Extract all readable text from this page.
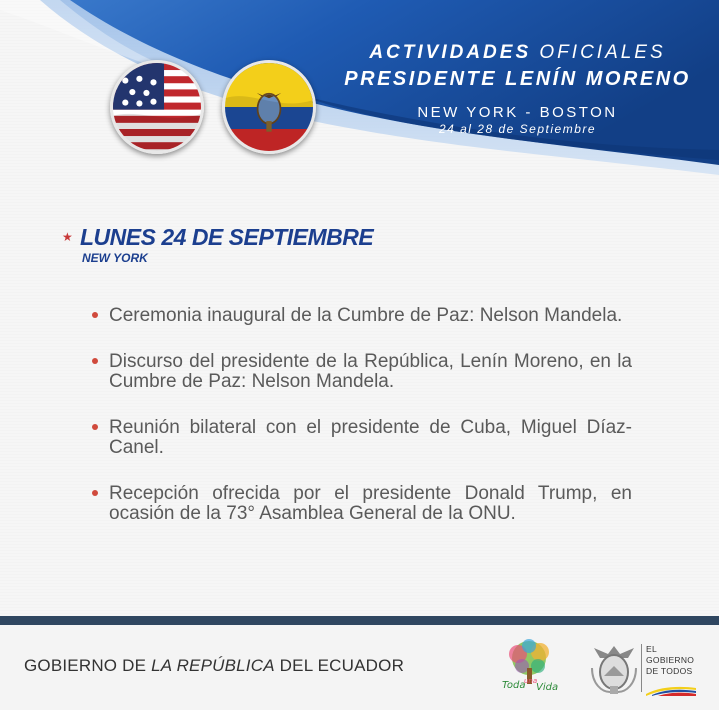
ACTIVIDADES OFICIALES
PRESIDENTE LENÍN MORENO
NEW YORK - BOSTON
24 al 28 de Septiembre
★ LUNES 24 DE SEPTIEMBRE
NEW YORK
Ceremonia inaugural de la Cumbre de Paz: Nelson Mandela.
Discurso del presidente de la República, Lenín Moreno, en la Cumbre de Paz: Nelson Mandela.
Reunión bilateral con el presidente de Cuba, Miguel Díaz-Canel.
Recepción ofrecida por el presidente Donald Trump, en ocasión de la 73° Asamblea General de la ONU.
GOBIERNO DE LA REPÚBLICA DEL ECUADOR
Toda
una
Vida
EL
GOBIERNO
DE TODOS
